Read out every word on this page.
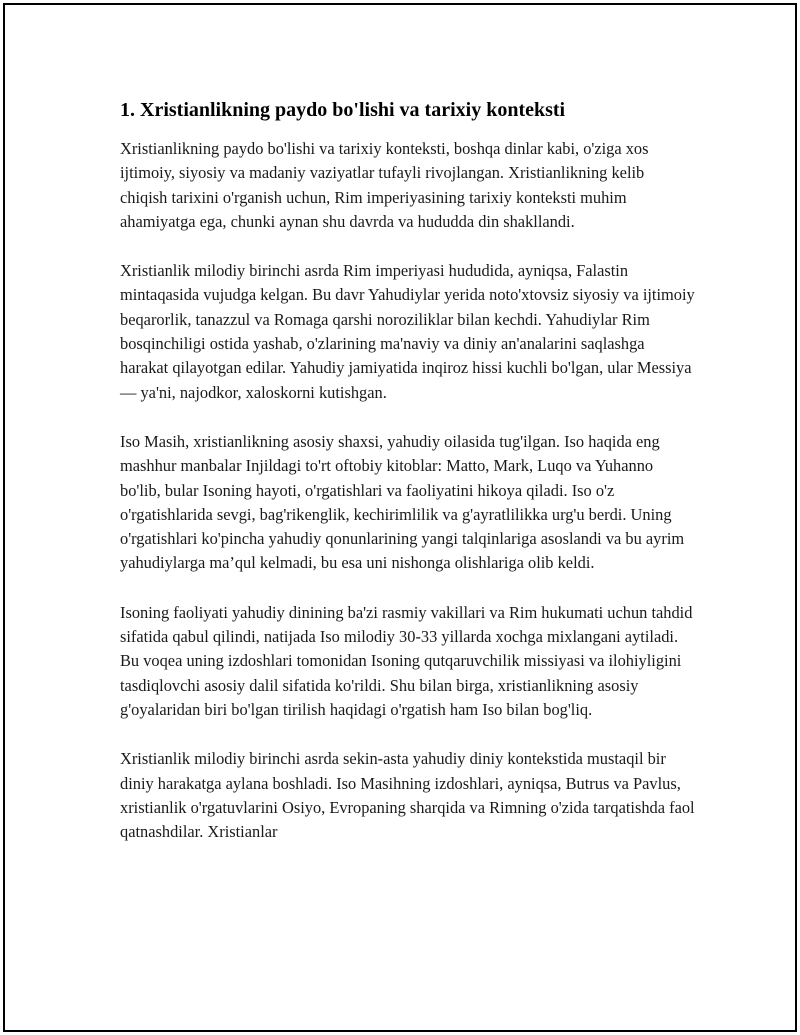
1. Xristianlikning paydo bo'lishi va tarixiy konteksti

Xristianlikning paydo bo'lishi va tarixiy konteksti, boshqa dinlar kabi, o'ziga xos ijtimoiy, siyosiy va madaniy vaziyatlar tufayli rivojlangan. Xristianlikning kelib chiqish tarixini o'rganish uchun, Rim imperiyasining tarixiy konteksti muhim ahamiyatga ega, chunki aynan shu davrda va hududda din shakllandi.

Xristianlik milodiy birinchi asrda Rim imperiyasi hududida, ayniqsa, Falastin mintaqasida vujudga kelgan. Bu davr Yahudiylar yerida noto'xtovsiz siyosiy va ijtimoiy beqarorlik, tanazzul va Romaga qarshi noroziliklar bilan kechdi. Yahudiylar Rim bosqinchiligi ostida yashab, o'zlarining ma'naviy va diniy an'analarini saqlashga harakat qilayotgan edilar. Yahudiy jamiyatida inqiroz hissi kuchli bo'lgan, ular Messiya — ya'ni, najodkor, xaloskorni kutishgan.

Iso Masih, xristianlikning asosiy shaxsi, yahudiy oilasida tug'ilgan. Iso haqida eng mashhur manbalar Injildagi to'rt oftobiy kitoblar: Matto, Mark, Luqo va Yuhanno bo'lib, bular Isoning hayoti, o'rgatishlari va faoliyatini hikoya qiladi. Iso o'z o'rgatishlarida sevgi, bag'rikenglik, kechirimlilik va g'ayratlilikka urg'u berdi. Uning o'rgatishlari ko'pincha yahudiy qonunlarining yangi talqinlariga asoslandi va bu ayrim yahudiylarga ma’qul kelmadi, bu esa uni nishonga olishlariga olib keldi.

Isoning faoliyati yahudiy dinining ba'zi rasmiy vakillari va Rim hukumati uchun tahdid sifatida qabul qilindi, natijada Iso milodiy 30-33 yillarda xochga mixlangani aytiladi. Bu voqea uning izdoshlari tomonidan Isoning qutqaruvchilik missiyasi va ilohiyligini tasdiqlovchi asosiy dalil sifatida ko'rildi. Shu bilan birga, xristianlikning asosiy g'oyalaridan biri bo'lgan tirilish haqidagi o'rgatish ham Iso bilan bog'liq.

Xristianlik milodiy birinchi asrda sekin-asta yahudiy diniy kontekstida mustaqil bir diniy harakatga aylana boshladi. Iso Masihning izdoshlari, ayniqsa, Butrus va Pavlus, xristianlik o'rgatuvlarini Osiyo, Evropaning sharqida va Rimning o'zida tarqatishda faol qatnashdilar. Xristianlar
